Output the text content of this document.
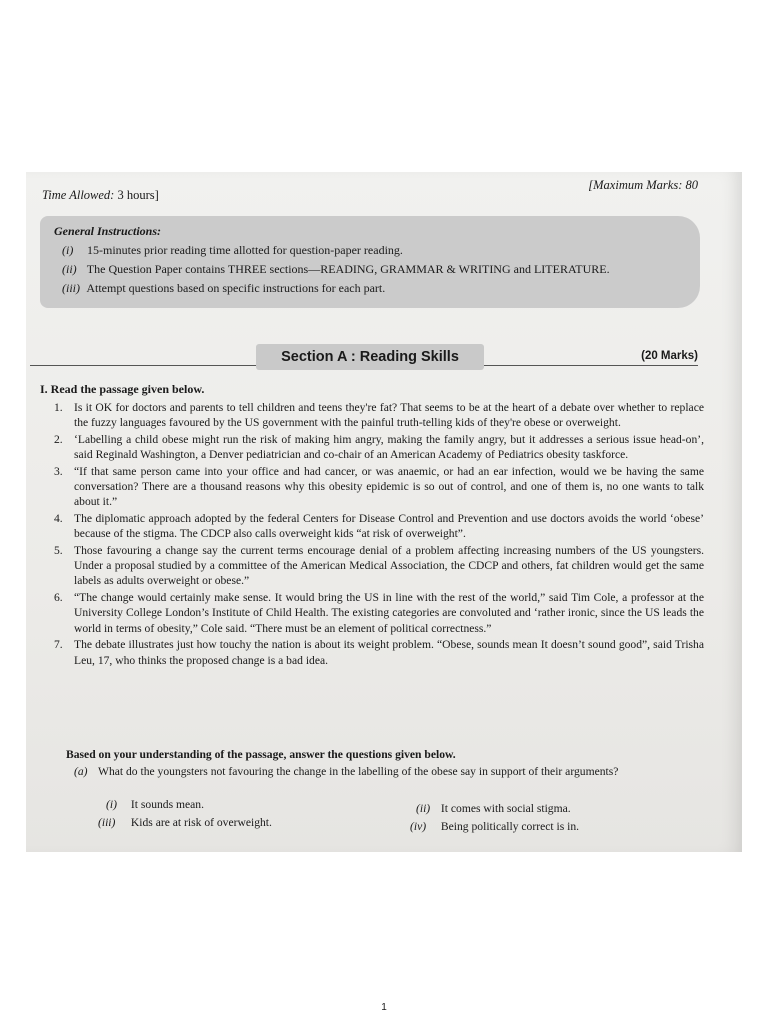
Time Allowed: 3 hours]
[Maximum Marks: 80
General Instructions:
(i) 15-minutes prior reading time allotted for question-paper reading.
(ii) The Question Paper contains THREE sections—READING, GRAMMAR & WRITING and LITERATURE.
(iii) Attempt questions based on specific instructions for each part.
Section A : Reading Skills	(20 Marks)
I. Read the passage given below.
1. Is it OK for doctors and parents to tell children and teens they're fat? That seems to be at the heart of a debate over whether to replace the fuzzy languages favoured by the US government with the painful truth-telling kids of they're obese or overweight.
2. ‘Labelling a child obese might run the risk of making him angry, making the family angry, but it addresses a serious issue head-on’, said Reginald Washington, a Denver pediatrician and co-chair of an American Academy of Pediatrics obesity taskforce.
3. “If that same person came into your office and had cancer, or was anaemic, or had an ear infection, would we be having the same conversation? There are a thousand reasons why this obesity epidemic is so out of control, and one of them is, no one wants to talk about it.”
4. The diplomatic approach adopted by the federal Centers for Disease Control and Prevention and use doctors avoids the world ‘obese’ because of the stigma. The CDCP also calls overweight kids “at risk of overweight”.
5. Those favouring a change say the current terms encourage denial of a problem affecting increasing numbers of the US youngsters. Under a proposal studied by a committee of the American Medical Association, the CDCP and others, fat children would get the same labels as adults overweight or obese.”
6. “The change would certainly make sense. It would bring the US in line with the rest of the world,” said Tim Cole, a professor at the University College London’s Institute of Child Health. The existing categories are convoluted and ‘rather ironic, since the US leads the world in terms of obesity,” Cole said. “There must be an element of political correctness.”
7. The debate illustrates just how touchy the nation is about its weight problem. “Obese, sounds mean It doesn’t sound good”, said Trisha Leu, 17, who thinks the proposed change is a bad idea.
Based on your understanding of the passage, answer the questions given below.
(a) What do the youngsters not favouring the change in the labelling of the obese say in support of their arguments?
(i) It sounds mean.	(ii) It comes with social stigma.
(iii) Kids are at risk of overweight.	(iv) Being politically correct is in.
1
